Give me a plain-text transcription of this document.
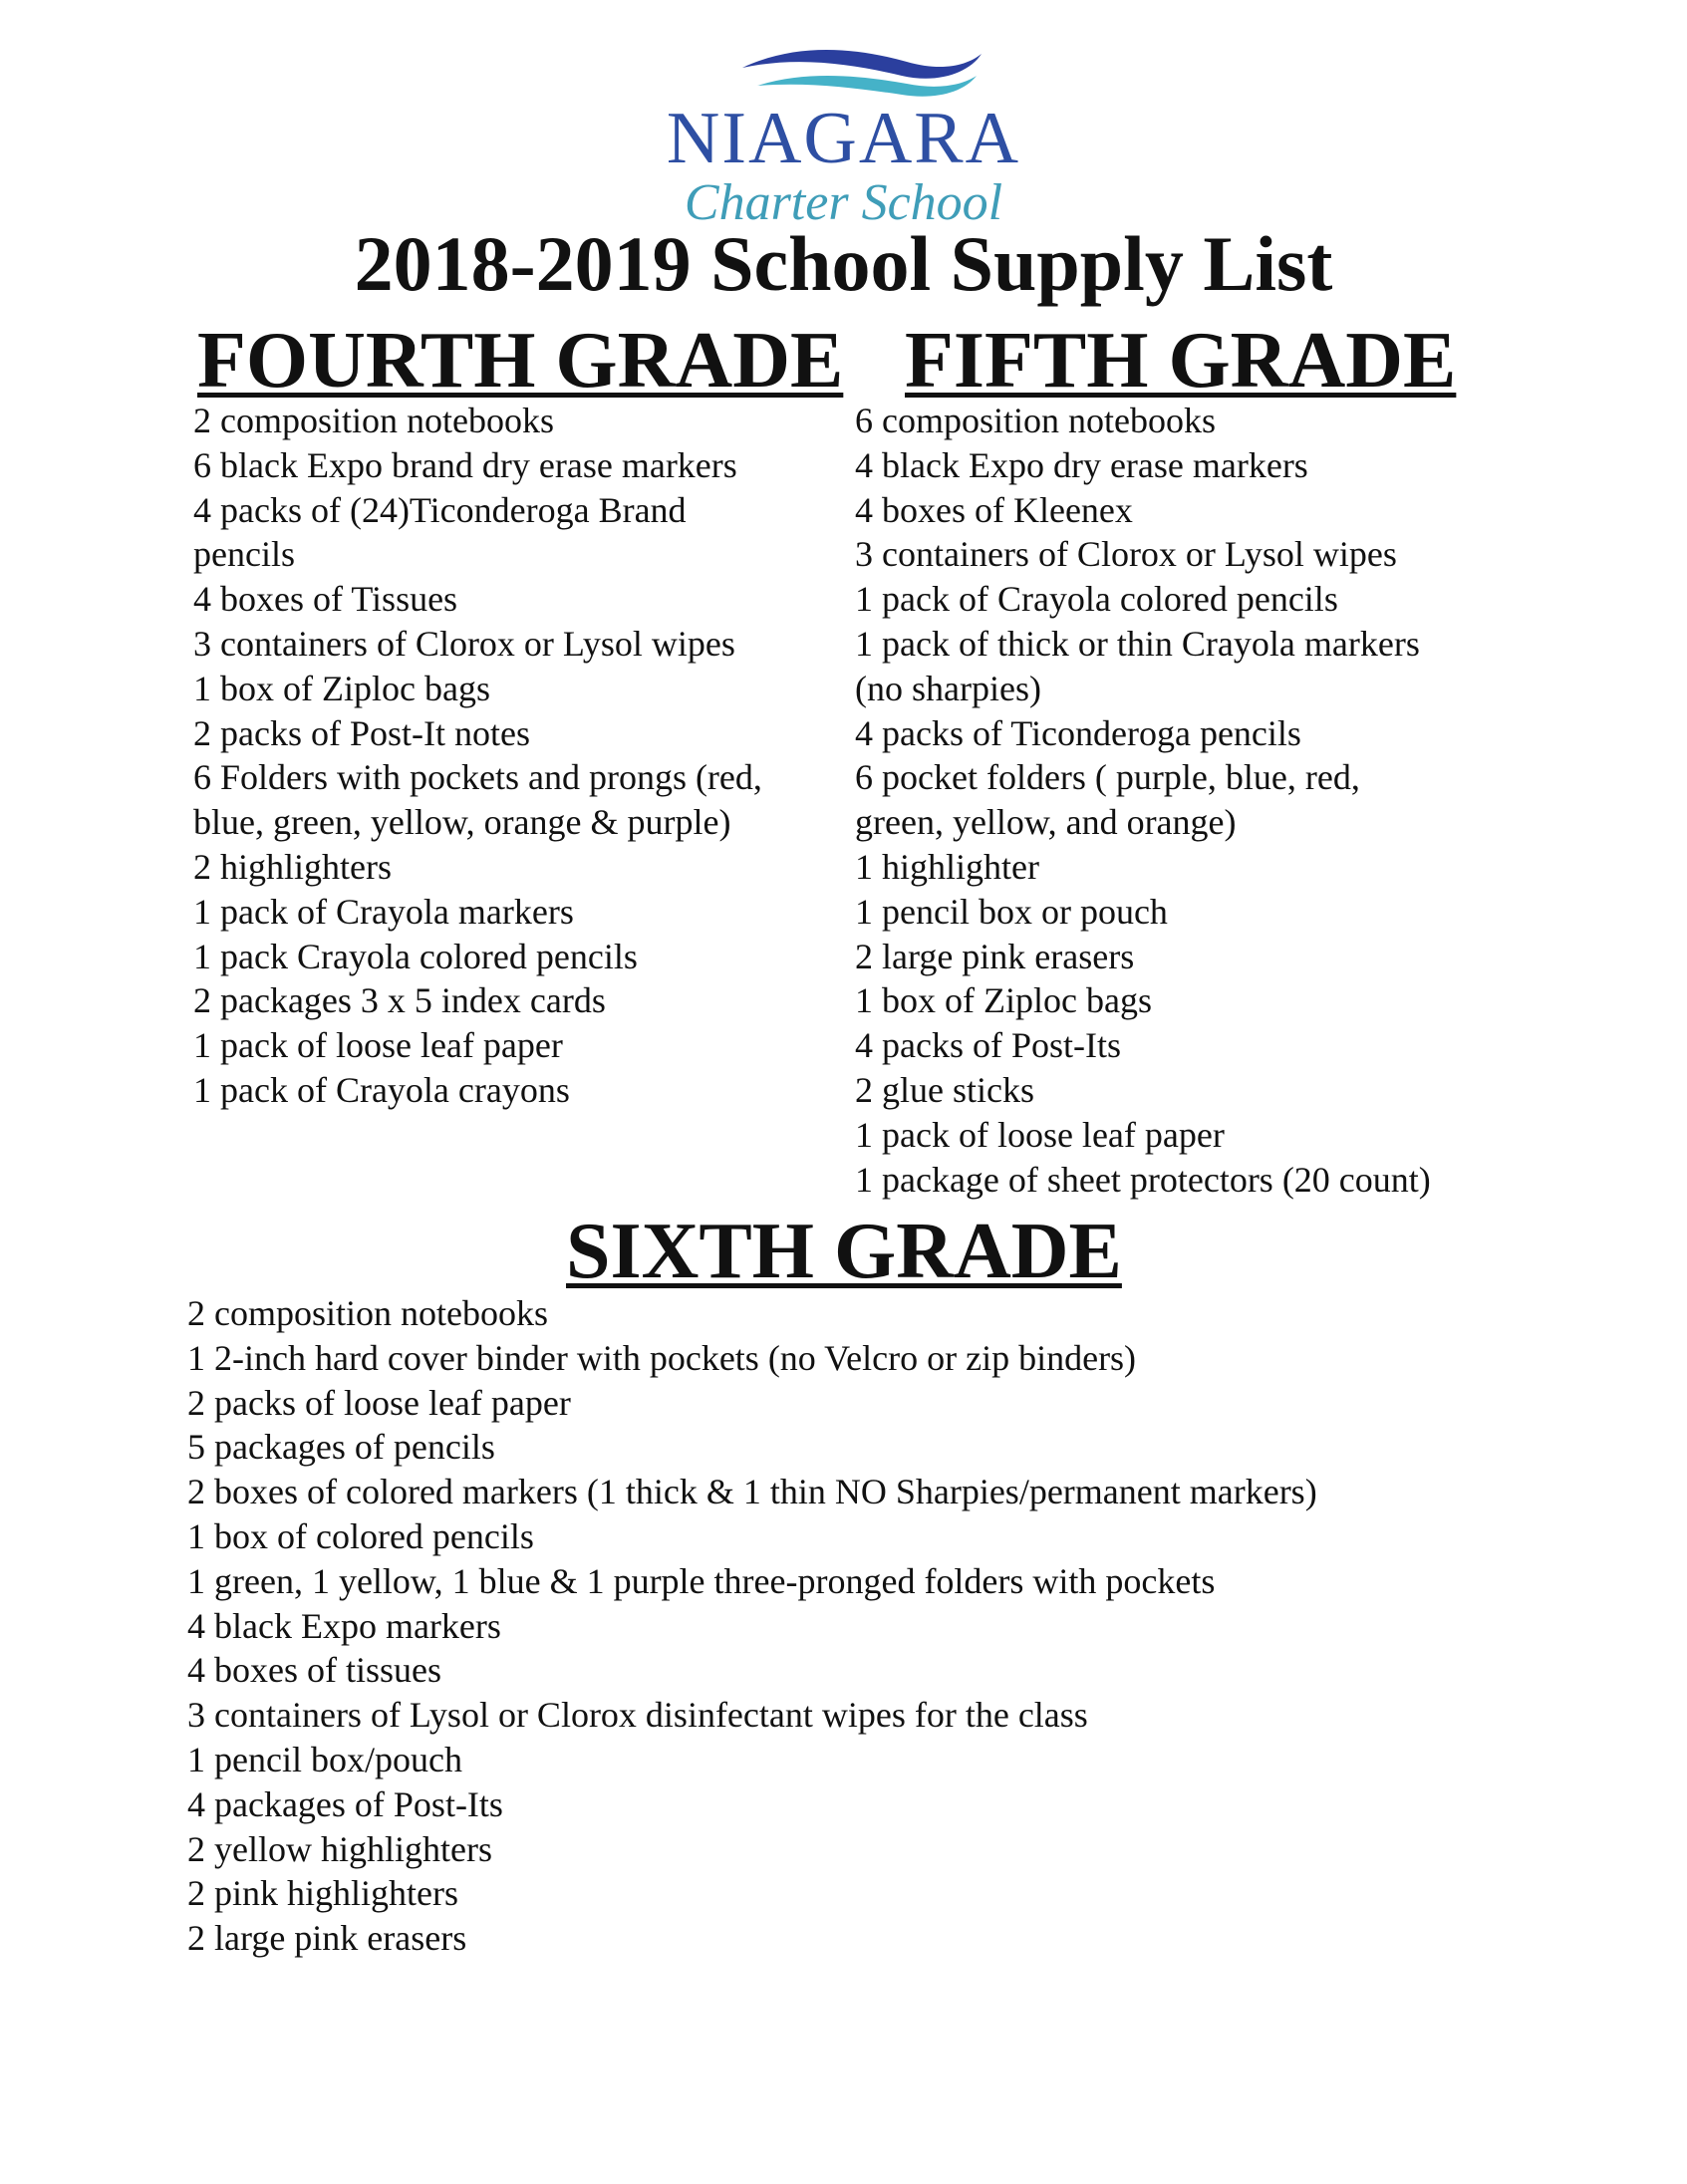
NIAGARA
Charter School
2018-2019 School Supply List
FOURTH GRADE FIFTH GRADE
2 composition notebooks
6 black Expo brand dry erase markers
4 packs of (24)Ticonderoga Brand
pencils
4 boxes of Tissues
3 containers of Clorox or Lysol wipes
1 box of Ziploc bags
2 packs of Post-It notes
6 Folders with pockets and prongs (red,
blue, green, yellow, orange & purple)
2 highlighters
1 pack of Crayola markers
1 pack Crayola colored pencils
2 packages 3 x 5 index cards
1 pack of loose leaf paper
1 pack of Crayola crayons
6 composition notebooks
4 black Expo dry erase markers
4 boxes of Kleenex
3 containers of Clorox or Lysol wipes
1 pack of Crayola colored pencils
1 pack of thick or thin Crayola markers
(no sharpies)
4 packs of Ticonderoga pencils
6 pocket folders ( purple, blue, red,
green, yellow, and orange)
1 highlighter
1 pencil box or pouch
2 large pink erasers
1 box of Ziploc bags
4 packs of Post-Its
2 glue sticks
1 pack of loose leaf paper
1 package of sheet protectors (20 count)
SIXTH GRADE
2 composition notebooks
1 2-inch hard cover binder with pockets (no Velcro or zip binders)
2 packs of loose leaf paper
5 packages of pencils
2 boxes of colored markers (1 thick & 1 thin NO Sharpies/permanent markers)
1 box of colored pencils
1 green, 1 yellow, 1 blue & 1 purple three-pronged folders with pockets
4 black Expo markers
4 boxes of tissues
3 containers of Lysol or Clorox disinfectant wipes for the class
1 pencil box/pouch
4 packages of Post-Its
2 yellow highlighters
2 pink highlighters
2 large pink erasers
